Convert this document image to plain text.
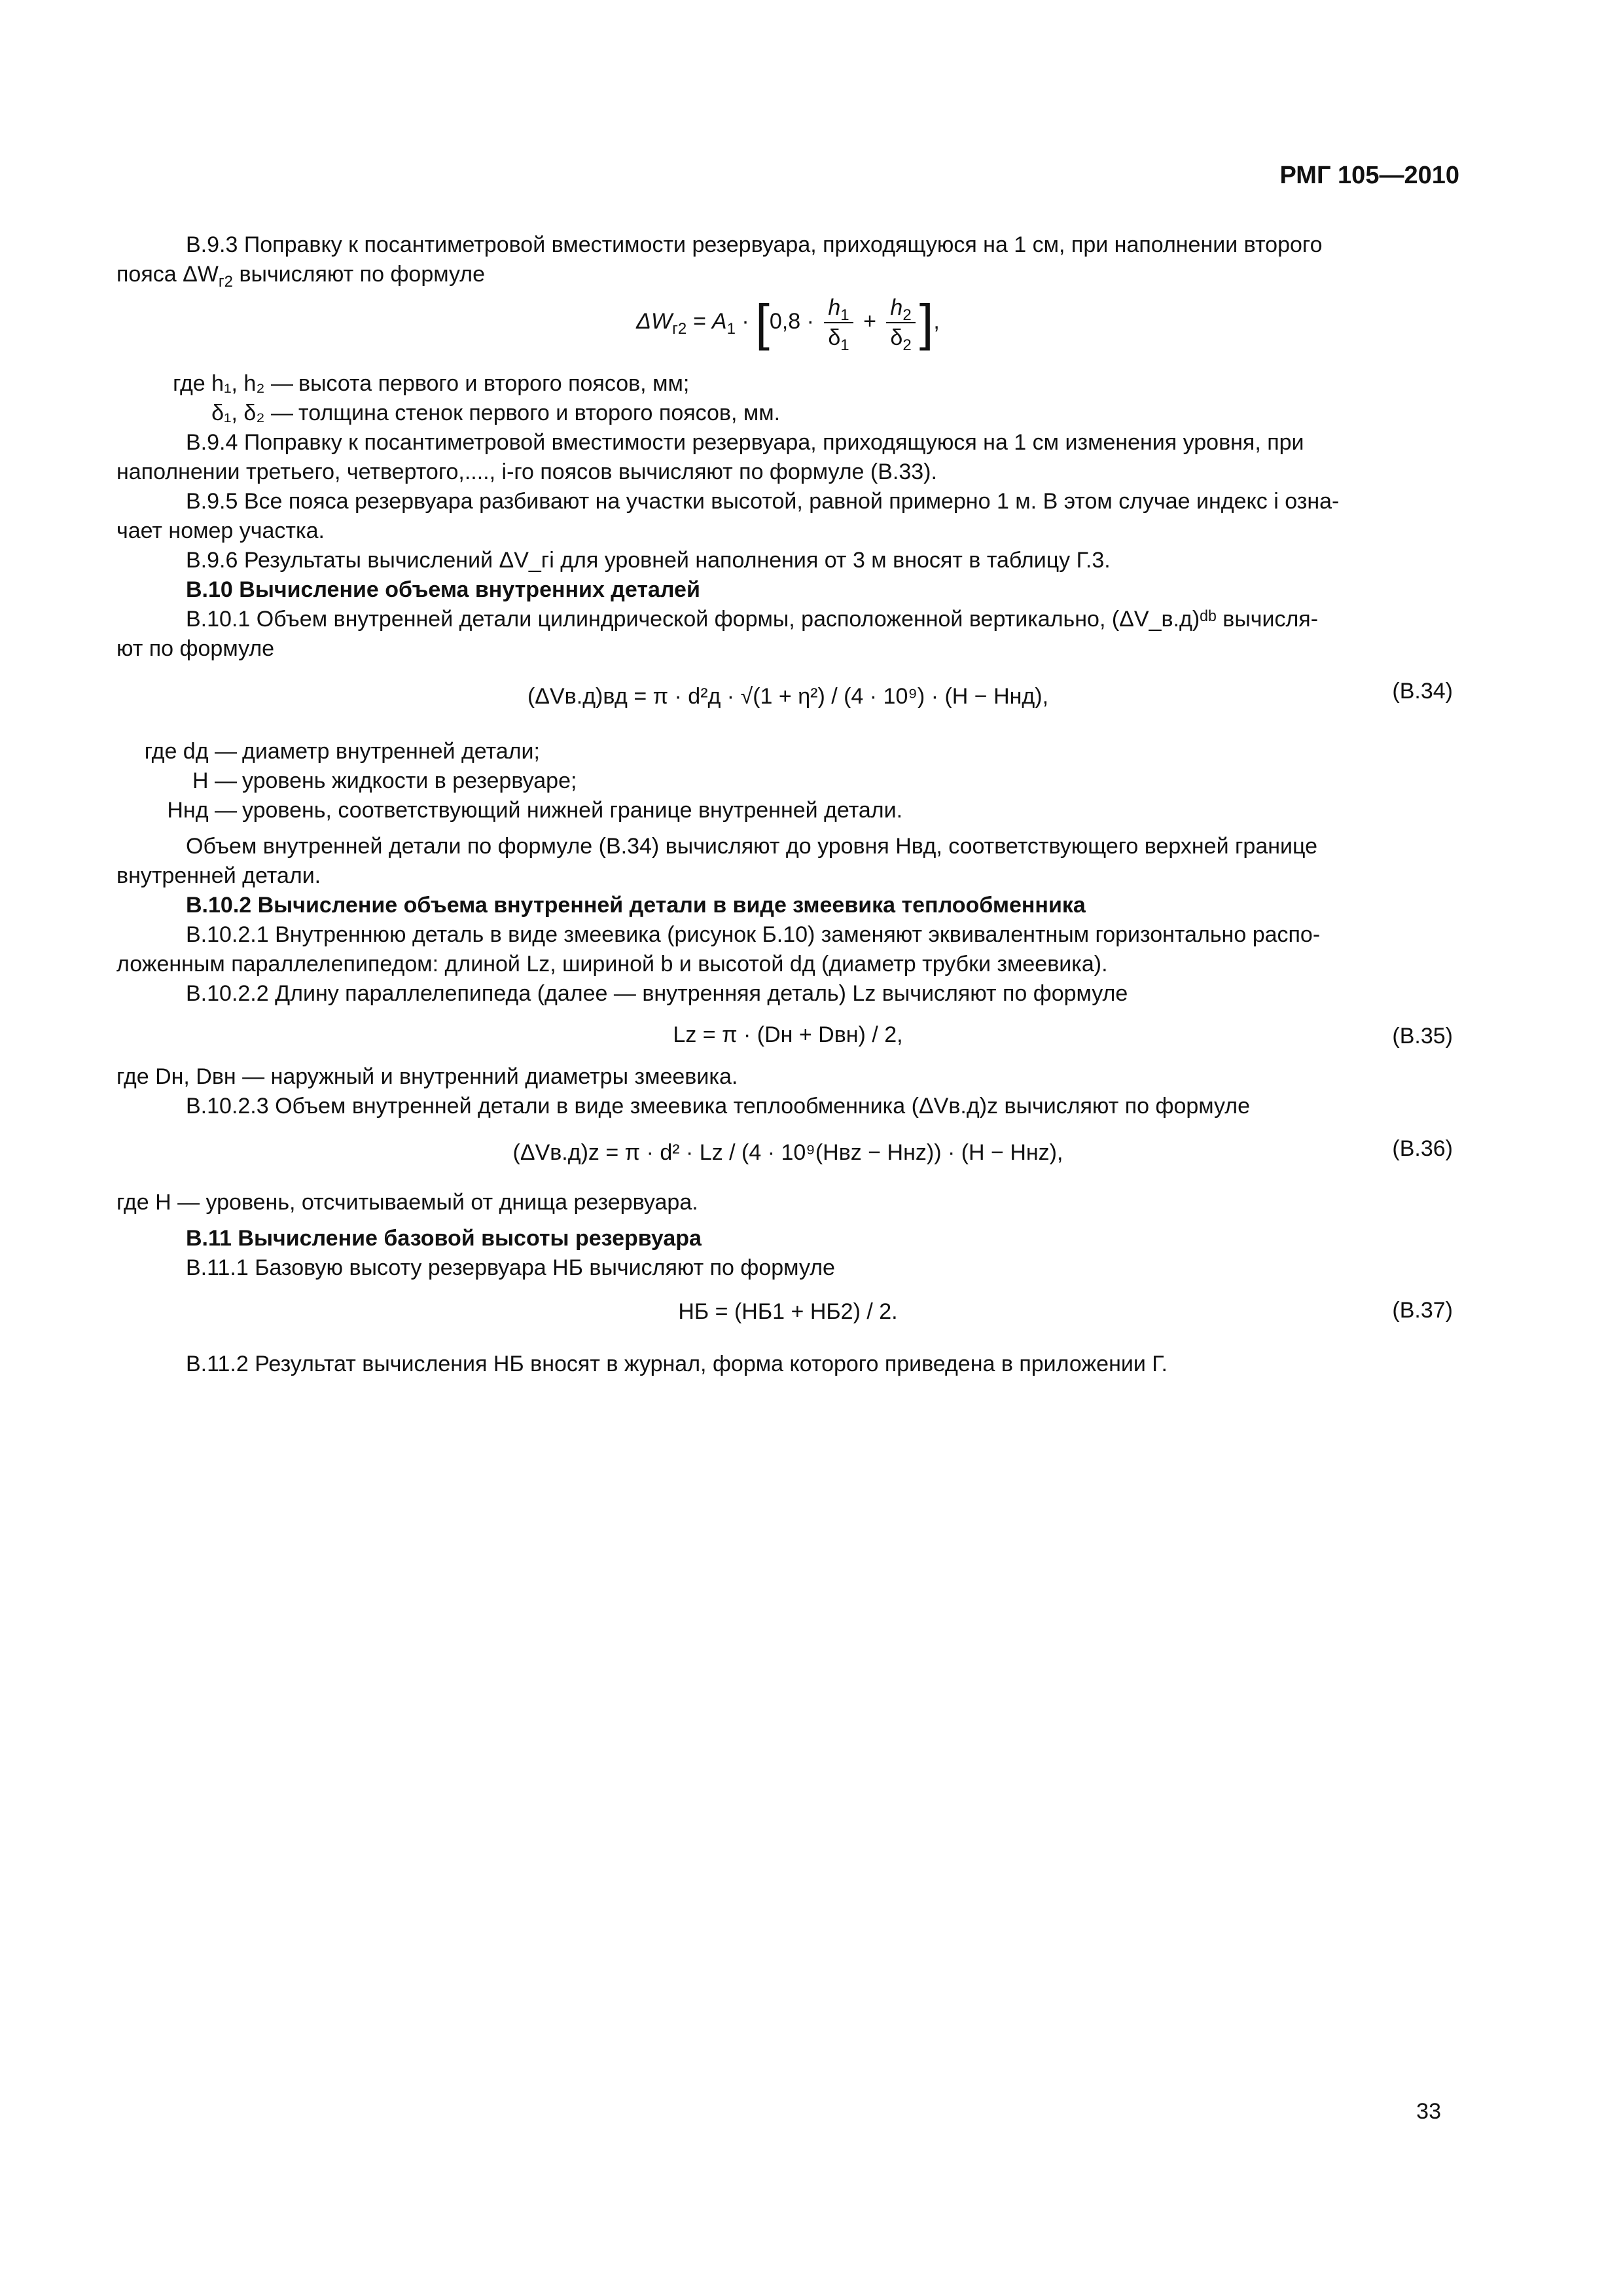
РМГ 105—2010

В.9.3 Поправку к посантиметровой вместимости резервуара, приходящуюся на 1 см, при наполнении второго

пояса $\Delta W_{г2}$ вычисляют по формуле

$\Delta W_{г2} = A_1 \cdot [0,8 \cdot \frac{h_1}{\delta_1} + \frac{h_2}{\delta_2}$ ],
где h₁, h₂ — высота первого и второго поясов, мм;
δ₁, δ₂ — толщина стенок первого и второго поясов, мм.

В.9.4 Поправку к посантиметровой вместимости резервуара, приходящуюся на 1 см изменения уровня, при

наполнении третьего, четвертого,...., i-го поясов вычисляют по формуле (В.33).

В.9.5 Все пояса резервуара разбивают на участки высотой, равной примерно 1 м. В этом случае индекс i озна-

чает номер участка.

В.9.6 Результаты вычислений ΔV_гi для уровней наполнения от 3 м вносят в таблицу Г.3.

В.10 Вычисление объема внутренних деталей

В.10.1 Объем внутренней детали цилиндрической формы, расположенной вертикально, (ΔV_в.д)ᵈᵇ вычисля-

ют по формуле

(ΔVв.д)вд = π · d²д · √(1 + η²) / (4 · 10⁹) · (H − Hнд),	(В.34)
где dд — диаметр внутренней детали;
H — уровень жидкости в резервуаре;
Hнд — уровень, соответствующий нижней границе внутренней детали.

Объем внутренней детали по формуле (В.34) вычисляют до уровня Hвд, соответствующего верхней границе

внутренней детали.

В.10.2 Вычисление объема внутренней детали в виде змеевика теплообменника

В.10.2.1 Внутреннюю деталь в виде змеевика (рисунок Б.10) заменяют эквивалентным горизонтально распо-

ложенным параллелепипедом: длиной Lz, шириной b и высотой dд (диаметр трубки змеевика).

В.10.2.2 Длину параллелепипеда (далее — внутренняя деталь) Lz вычисляют по формуле

Lz = π · (Dн + Dвн) / 2,	(В.35)

где Dн, Dвн — наружный и внутренний диаметры змеевика.

В.10.2.3 Объем внутренней детали в виде змеевика теплообменника (ΔVв.д)z вычисляют по формуле

(ΔVв.д)z = π · d² · Lz / (4 · 10⁹(Hвz − Hнz)) · (H − Hнz),	(В.36)

где H — уровень, отсчитываемый от днища резервуара.

В.11 Вычисление базовой высоты резервуара

В.11.1 Базовую высоту резервуара HБ вычисляют по формуле

HБ = (HБ1 + HБ2) / 2.	(В.37)

В.11.2 Результат вычисления HБ вносят в журнал, форма которого приведена в приложении Г.

33
